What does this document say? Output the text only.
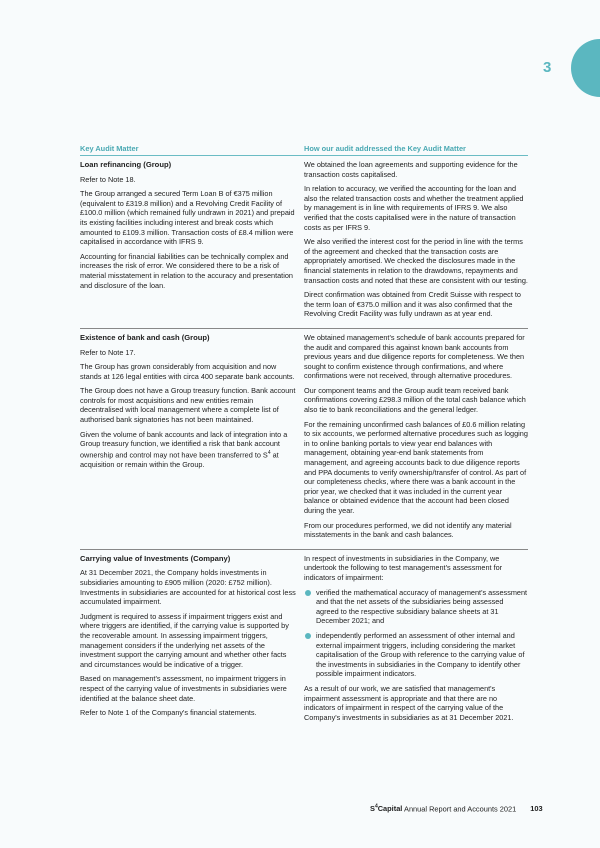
3
Key Audit Matter	How our audit addressed the Key Audit Matter

Loan refinancing (Group)

Refer to Note 18.

The Group arranged a secured Term Loan B of €375 million (equivalent to £319.8 million) and a Revolving Credit Facility of £100.0 million (which remained fully undrawn in 2021) and prepaid its existing facilities including interest and break costs which amounted to £109.3 million. Transaction costs of £8.4 million were capitalised in accordance with IFRS 9.

Accounting for financial liabilities can be technically complex and increases the risk of error. We considered there to be a risk of material misstatement in relation to the accuracy and presentation and disclosure of the loan.

We obtained the loan agreements and supporting evidence for the transaction costs capitalised.

In relation to accuracy, we verified the accounting for the loan and also the related transaction costs and whether the treatment applied by management is in line with requirements of IFRS 9. We also verified that the costs capitalised were in the nature of transaction costs as per IFRS 9.

We also verified the interest cost for the period in line with the terms of the agreement and checked that the transaction costs are appropriately amortised. We checked the disclosures made in the financial statements in relation to the drawdowns, repayments and transaction costs and noted that these are consistent with our testing.

Direct confirmation was obtained from Credit Suisse with respect to the term loan of €375.0 million and it was also confirmed that the Revolving Credit Facility was fully undrawn as at year end.

Existence of bank and cash (Group)

Refer to Note 17.

The Group has grown considerably from acquisition and now stands at 126 legal entities with circa 400 separate bank accounts.

The Group does not have a Group treasury function. Bank account controls for most acquisitions and new entities remain decentralised with local management where a complete list of authorised bank signatories has not been maintained.

Given the volume of bank accounts and lack of integration into a Group treasury function, we identified a risk that bank account ownership and control may not have been transferred to $S^4$ at acquisition or remain within the Group.

We obtained management's schedule of bank accounts prepared for the audit and compared this against known bank accounts from previous years and due diligence reports for completeness. We then sought to confirm existence through confirmations, and where confirmations were not received, through alternative procedures.

Our component teams and the Group audit team received bank confirmations covering £298.3 million of the total cash balance which also tie to bank reconciliations and the general ledger.

For the remaining unconfirmed cash balances of £0.6 million relating to six accounts, we performed alternative procedures such as logging in to online banking portals to view year end balances with management, obtaining year-end bank statements from management, and agreeing accounts back to due diligence reports and PPA documents to verify ownership/transfer of control. As part of our completeness checks, where there was a bank account in the prior year, we checked that it was included in the current year balance or obtained evidence that the account had been closed during the year.

From our procedures performed, we did not identify any material misstatements in the bank and cash balances.

Carrying value of Investments (Company)

At 31 December 2021, the Company holds investments in subsidiaries amounting to £905 million (2020: £752 million). Investments in subsidiaries are accounted for at historical cost less accumulated impairment.

Judgment is required to assess if impairment triggers exist and where triggers are identified, if the carrying value is supported by the recoverable amount. In assessing impairment triggers, management considers if the underlying net assets of the investment support the carrying amount and whether other facts and circumstances would be indicative of a trigger.

Based on management's assessment, no impairment triggers in respect of the carrying value of investments in subsidiaries were identified at the balance sheet date.

Refer to Note 1 of the Company's financial statements.

In respect of investments in subsidiaries in the Company, we undertook the following to test management's assessment for indicators of impairment:

verified the mathematical accuracy of management's assessment and that the net assets of the subsidiaries being assessed agreed to the respective subsidiary balance sheets at 31 December 2021; and
independently performed an assessment of other internal and external impairment triggers, including considering the market capitalisation of the Group with reference to the carrying value of the investments in subsidiaries in the Company to identify other possible impairment indicators.

As a result of our work, we are satisfied that management's impairment assessment is appropriate and that there are no indicators of impairment in respect of the carrying value of the Company's investments in subsidiaries as at 31 December 2021.

$S^4Capital$ Annual Report and Accounts 2021 103
